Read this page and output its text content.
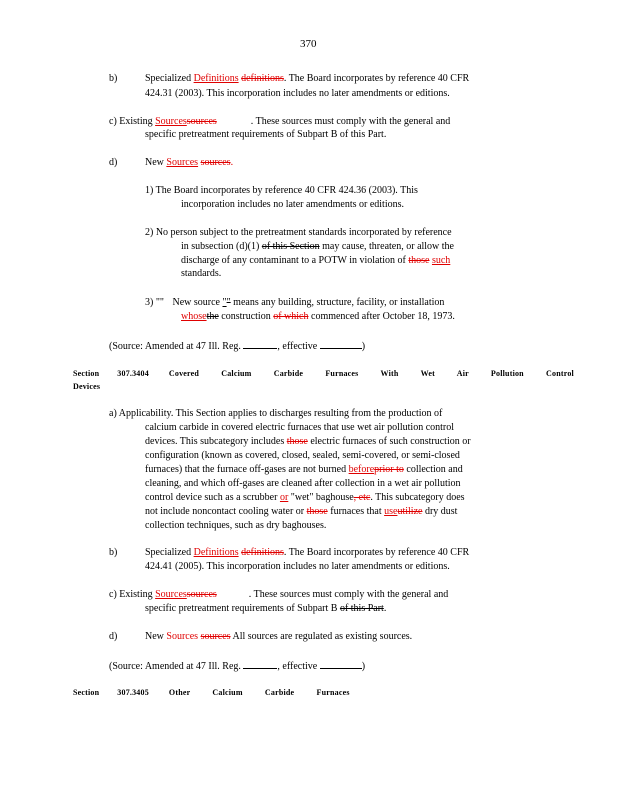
370
b)	Specialized Definitions definitions. The Board incorporates by reference 40 CFR
424.31 (2003). This incorporation includes no later amendments or editions.
c) Existing Sourcessources	. These sources must comply with the general and
specific pretreatment requirements of Subpart B of this Part.
d)	New Sources sources.
1) The Board incorporates by reference 40 CFR 424.36 (2003). This
incorporation includes no later amendments or editions.
2) No person subject to the pretreatment standards incorporated by reference
in subsection (d)(1) of this Section may cause, threaten, or allow the
discharge of any contaminant to a POTW in violation of those such
standards.
3) "" New source "" means any building, structure, facility, or installation
whosethe construction of which commenced after October 18, 1973.
(Source: Amended at 47 Ill. Reg.	, effective	)
Section 307.3404	Covered Calcium Carbide Furnaces With Wet Air Pollution Control
Devices
a) Applicability. This Section applies to discharges resulting from the production of
calcium carbide in covered electric furnaces that use wet air pollution control
devices. This subcategory includes those electric furnaces of such construction or
configuration (known as covered, closed, sealed, semi-covered, or semi-closed
furnaces) that the furnace off-gases are not burned beforeprior to collection and
cleaning, and which off-gases are cleaned after collection in a wet air pollution
control device such as a scrubber or "wet" baghouse, etc. This subcategory does
not include noncontact cooling water or those furnaces that useutilize dry dust
collection techniques, such as dry baghouses.
b)	Specialized Definitions definitions. The Board incorporates by reference 40 CFR
424.41 (2005). This incorporation includes no later amendments or editions.
c) Existing Sourcessources	. These sources must comply with the general and
specific pretreatment requirements of Subpart B of this Part.
d)	New Sources sources All sources are regulated as existing sources.
(Source: Amended at 47 Ill. Reg.	, effective	)
Section 307.3405	Other Calcium Carbide Furnaces
